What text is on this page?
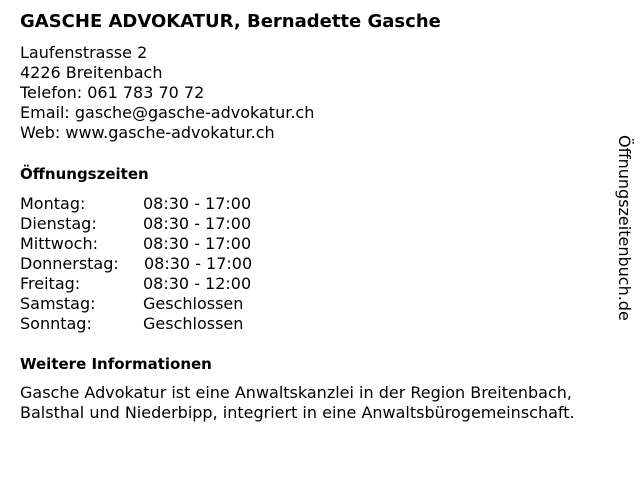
GASCHE ADVOKATUR, Bernadette Gasche
Laufenstrasse 2
4226 Breitenbach
Telefon: 061 783 70 72
Email: gasche@gasche-advokatur.ch
Web: www.gasche-advokatur.ch
Öffnungszeiten
Montag:	08:30 - 17:00
Dienstag:	08:30 - 17:00
Mittwoch:	08:30 - 17:00
Donnerstag: 08:30 - 17:00
Freitag:	08:30 - 12:00
Samstag:	Geschlossen
Sonntag:	Geschlossen
Weitere Informationen
Gasche Advokatur ist eine Anwaltskanzlei in der Region Breitenbach,
Balsthal und Niederbipp, integriert in eine Anwaltsbürogemeinschaft.
Öffnungszeitenbuch.de
